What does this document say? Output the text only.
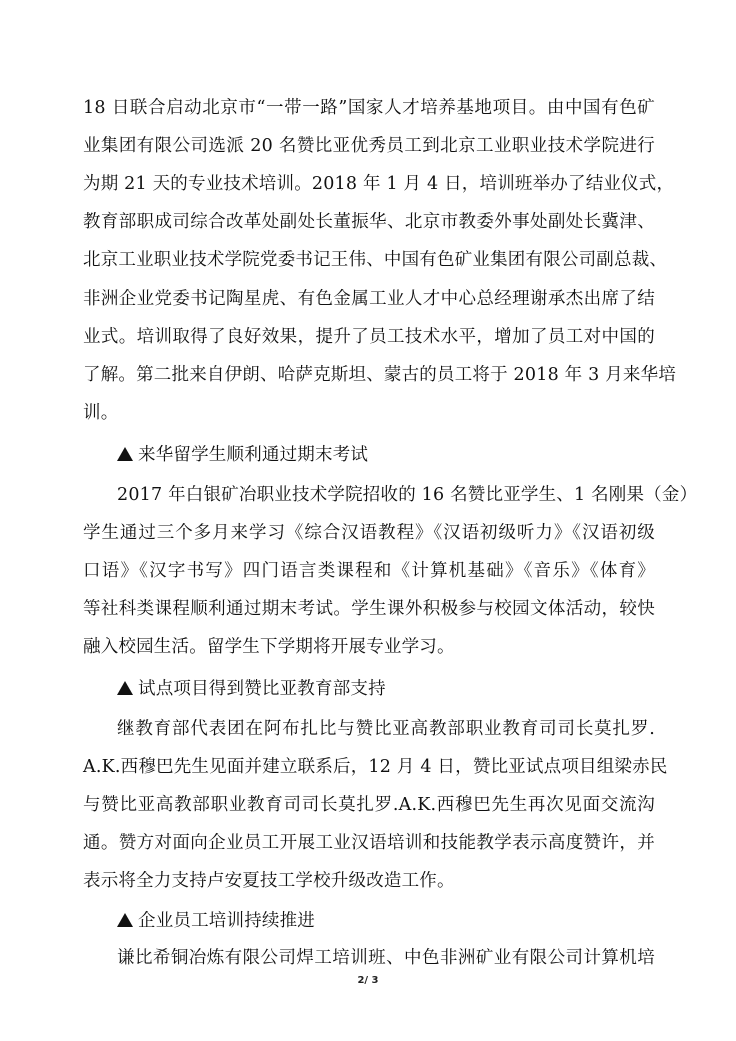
18 日联合启动北京市“一带一路”国家人才培养基地项目。由中国有色矿
业集团有限公司选派 20 名赞比亚优秀员工到北京工业职业技术学院进行
为期 21 天的专业技术培训。2018 年 1 月 4 日，培训班举办了结业仪式，
教育部职成司综合改革处副处长董振华、北京市教委外事处副处长冀津、
北京工业职业技术学院党委书记王伟、中国有色矿业集团有限公司副总裁、
非洲企业党委书记陶星虎、有色金属工业人才中心总经理谢承杰出席了结
业式。培训取得了良好效果，提升了员工技术水平，增加了员工对中国的
了解。第二批来自伊朗、哈萨克斯坦、蒙古的员工将于 2018 年 3 月来华培
训。
来华留学生顺利通过期末考试
2017 年白银矿冶职业技术学院招收的 16 名赞比亚学生、1 名刚果（金）
学生通过三个多月来学习《综合汉语教程》《汉语初级听力》《汉语初级
口语》《汉字书写》四门语言类课程和《计算机基础》《音乐》《体育》
等社科类课程顺利通过期末考试。学生课外积极参与校园文体活动，较快
融入校园生活。留学生下学期将开展专业学习。
试点项目得到赞比亚教育部支持
继教育部代表团在阿布扎比与赞比亚高教部职业教育司司长莫扎罗.
A.K.西穆巴先生见面并建立联系后，12 月 4 日，赞比亚试点项目组梁赤民
与赞比亚高教部职业教育司司长莫扎罗.A.K.西穆巴先生再次见面交流沟
通。赞方对面向企业员工开展工业汉语培训和技能教学表示高度赞许，并
表示将全力支持卢安夏技工学校升级改造工作。
企业员工培训持续推进
谦比希铜冶炼有限公司焊工培训班、中色非洲矿业有限公司计算机培
2/ 3
